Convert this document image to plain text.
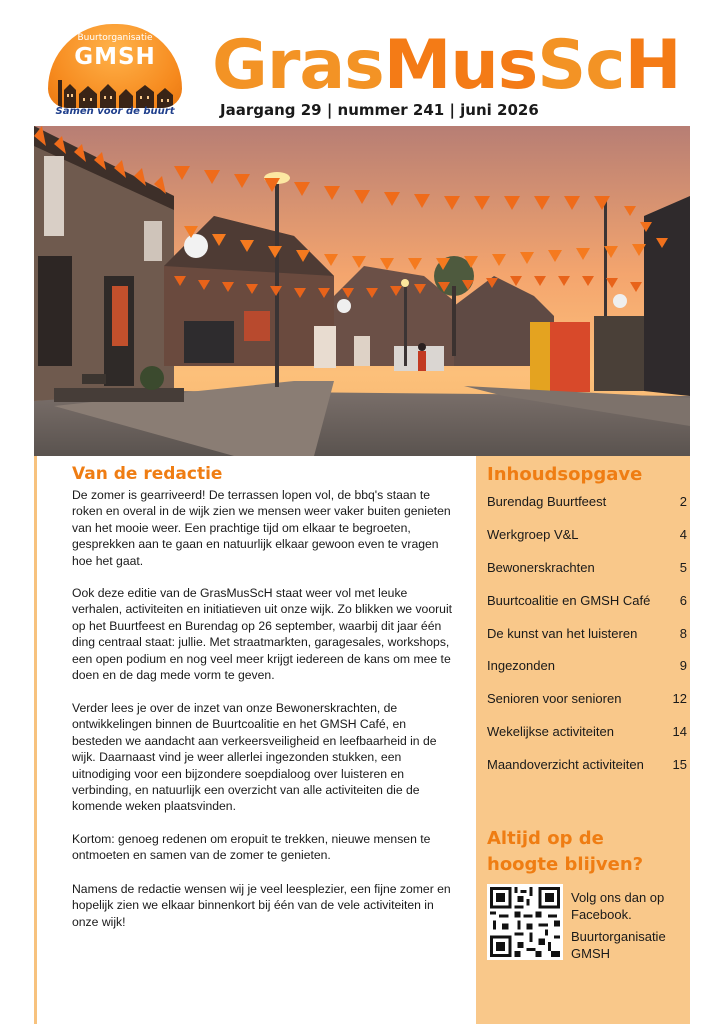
Buurtorganisatie
GMSH
Samen voor de buurt
GrasMusScH
Jaargang 29 | nummer 241 | juni 2026
Van de redactie
De zomer is gearriveerd! De terrassen lopen vol, de bbq's staan te roken en overal in de wijk zien we mensen weer vaker buiten genieten van het mooie weer. Een prachtige tijd om elkaar te begroeten, gesprekken aan te gaan en natuurlijk elkaar gewoon even te vragen hoe het gaat.
Ook deze editie van de GrasMusScH staat weer vol met leuke verhalen, activiteiten en initiatieven uit onze wijk. Zo blikken we vooruit op het Buurtfeest en Burendag op 26 september, waarbij dit jaar één ding centraal staat: jullie. Met straatmarkten, garagesales, workshops, een open podium en nog veel meer krijgt iedereen de kans om mee te doen en de dag mede vorm te geven.
Verder lees je over de inzet van onze Bewonerskrachten, de ontwikkelingen binnen de Buurtcoalitie en het GMSH Café, en besteden we aandacht aan verkeersveiligheid en leefbaarheid in de wijk. Daarnaast vind je weer allerlei ingezonden stukken, een uitnodiging voor een bijzondere soepdialoog over luisteren en verbinding, en natuurlijk een overzicht van alle activiteiten die de komende weken plaatsvinden.
Kortom: genoeg redenen om eropuit te trekken, nieuwe mensen te ontmoeten en samen van de zomer te genieten.
Namens de redactie wensen wij je veel leesplezier, een fijne zomer en hopelijk zien we elkaar binnenkort bij één van de vele activiteiten in onze wijk!
Inhoudsopgave
Burendag Buurtfeest	2
Werkgroep V&L	4
Bewonerskrachten	5
Buurtcoalitie en GMSH Café 6
De kunst van het luisteren	8
Ingezonden	9
Senioren voor senioren	12
Wekelijkse activiteiten	14
Maandoverzicht activiteiten 15
Altijd op de hoogte blijven?
Volg ons dan op Facebook.
Buurtorganisatie GMSH
